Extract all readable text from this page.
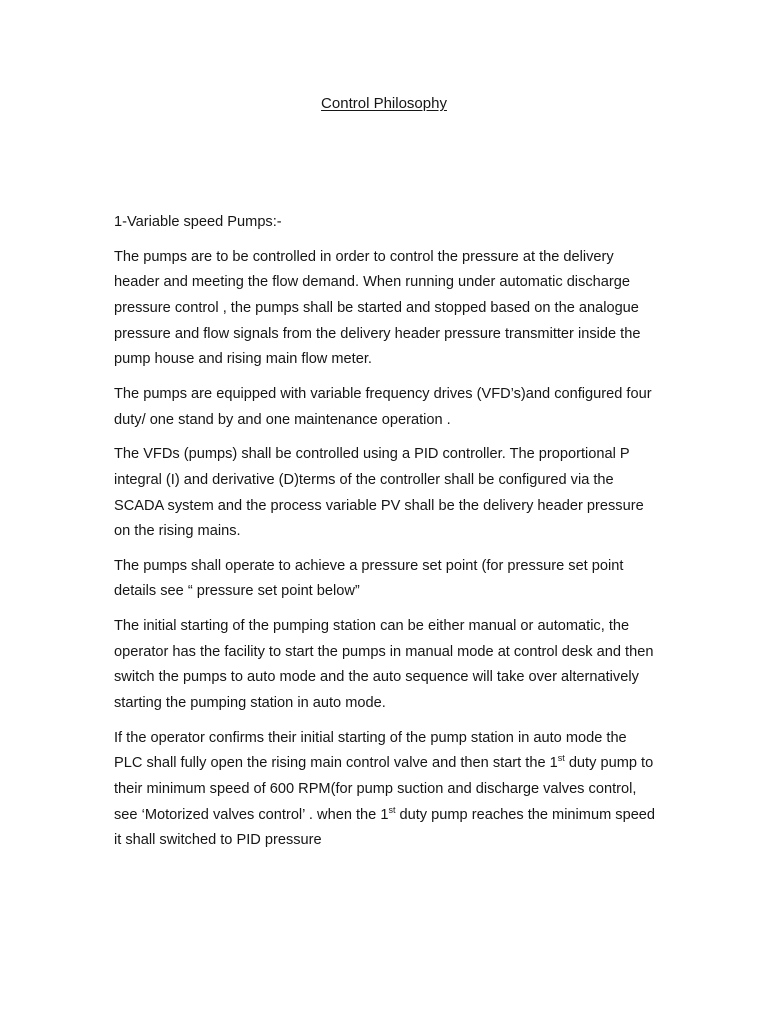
Control Philosophy

1-Variable speed Pumps:-

The pumps are to be controlled in order to control the pressure at the delivery header and meeting the flow demand. When running under automatic discharge pressure control , the pumps shall be started and stopped based on the analogue pressure and flow signals from the delivery header pressure transmitter inside the pump house and rising main flow meter.

The pumps are equipped with variable frequency drives (VFD’s)and configured four duty/ one stand by and one maintenance operation .

The VFDs (pumps) shall be controlled using a PID controller. The proportional P integral (I) and derivative (D)terms of the controller shall be configured via the SCADA system and the process variable PV shall be the delivery header pressure on the rising mains.

The pumps shall operate to achieve a pressure set point (for pressure set point details see “ pressure set point below”

The initial starting of the pumping station can be either manual or automatic, the operator has the facility to start the pumps in manual mode at control desk and then switch the pumps to auto mode and the auto sequence will take over alternatively starting the pumping station in auto mode.

If the operator confirms their initial starting of the pump station in auto mode the PLC shall fully open the rising main control valve and then start the 1st duty pump to their minimum speed of 600 RPM(for pump suction and discharge valves control, see ‘Motorized valves control’ . when the 1st duty pump reaches the minimum speed it shall switched to PID pressure
